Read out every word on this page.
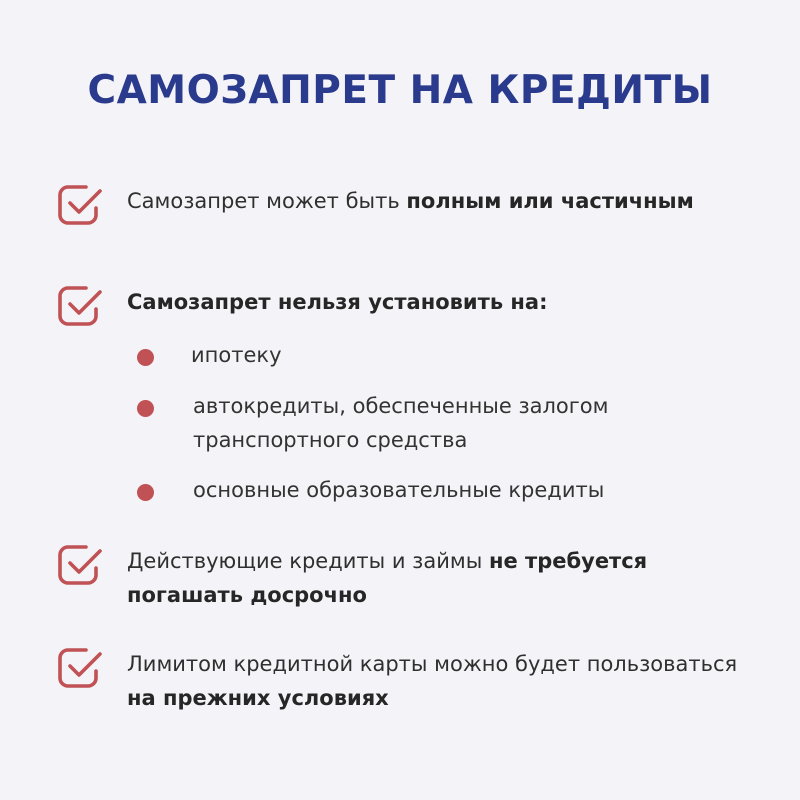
САМОЗАПРЕТ НА КРЕДИТЫ
Самозапрет может быть полным или частичным
Самозапрет нельзя установить на:
ипотеку
автокредиты, обеспеченные залогом транспортного средства
основные образовательные кредиты
Действующие кредиты и займы не требуется погашать досрочно
Лимитом кредитной карты можно будет пользоваться на прежних условиях
